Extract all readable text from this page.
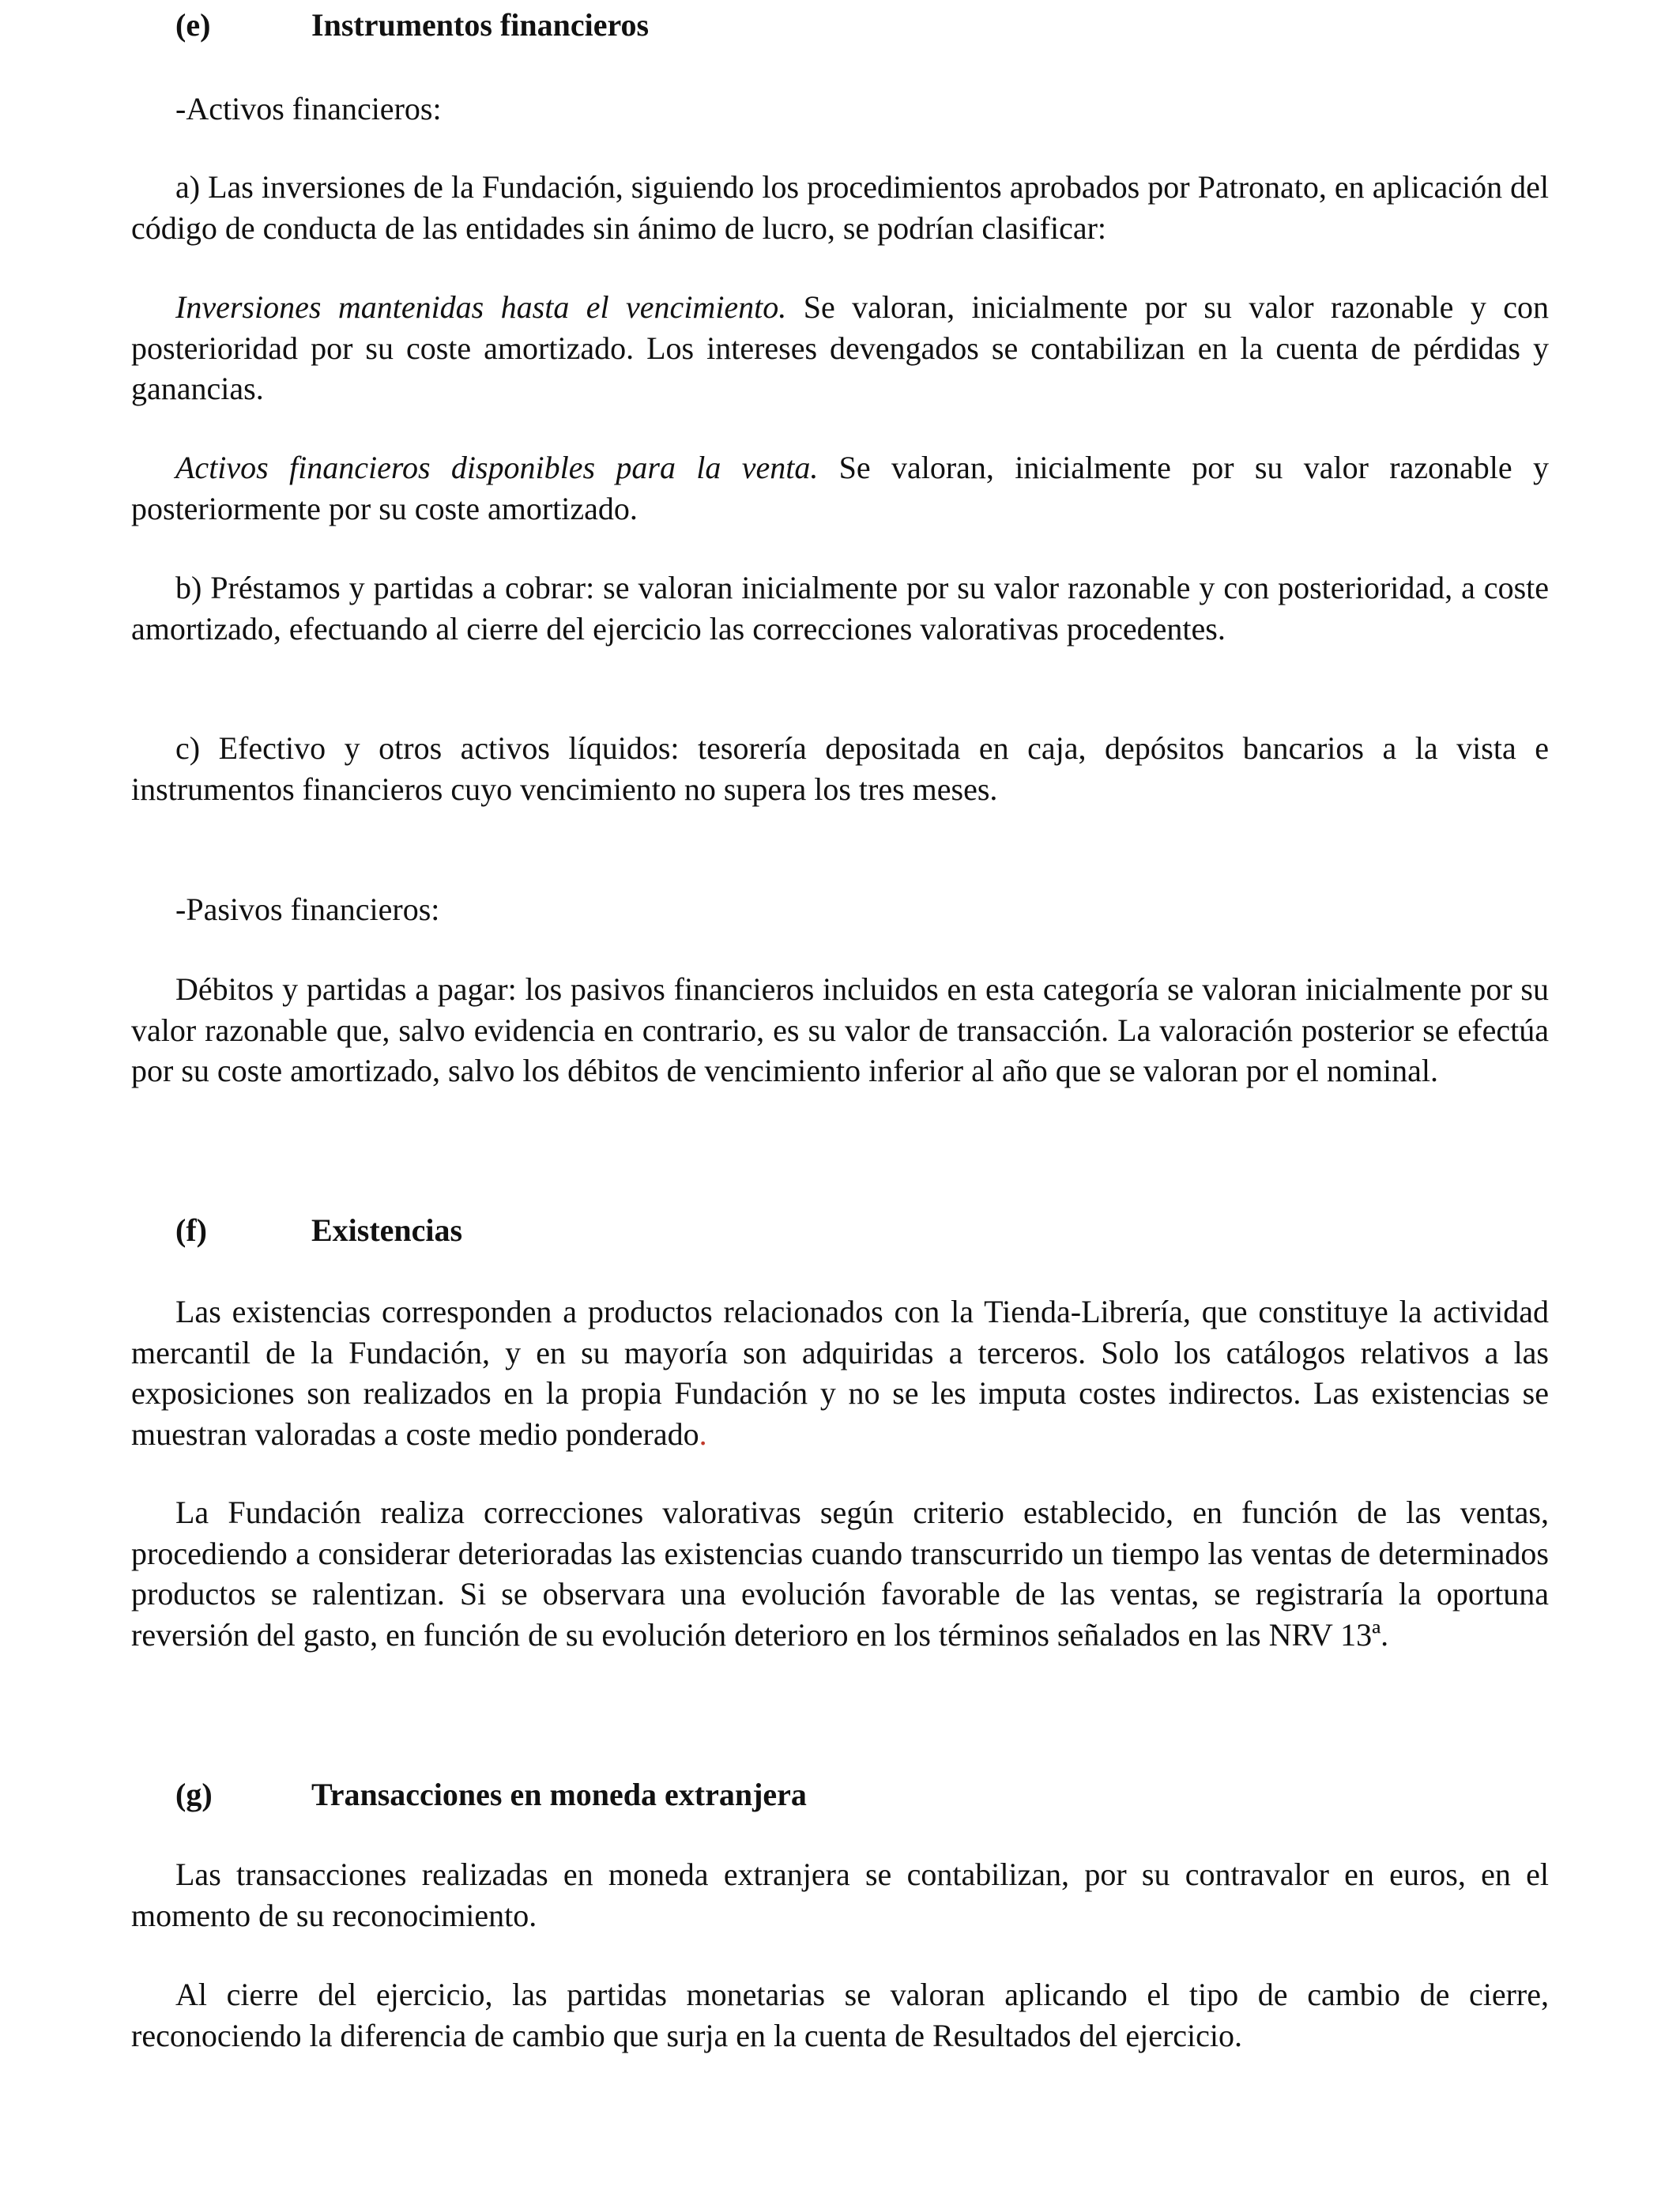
(e)	Instrumentos financieros

-Activos financieros:

a) Las inversiones de la Fundación, siguiendo los procedimientos aprobados por Patronato, en aplicación del código de conducta de las entidades sin ánimo de lucro, se podrían clasificar:

Inversiones mantenidas hasta el vencimiento. Se valoran, inicialmente por su valor razonable y con posterioridad por su coste amortizado. Los intereses devengados se contabilizan en la cuenta de pérdidas y ganancias.

Activos financieros disponibles para la venta. Se valoran, inicialmente por su valor razonable y posteriormente por su coste amortizado.

b) Préstamos y partidas a cobrar: se valoran inicialmente por su valor razonable y con posterioridad, a coste amortizado, efectuando al cierre del ejercicio las correcciones valorativas procedentes.

c) Efectivo y otros activos líquidos: tesorería depositada en caja, depósitos bancarios a la vista e instrumentos financieros cuyo vencimiento no supera los tres meses.

-Pasivos financieros:

Débitos y partidas a pagar: los pasivos financieros incluidos en esta categoría se valoran inicialmente por su valor razonable que, salvo evidencia en contrario, es su valor de transacción. La valoración posterior se efectúa por su coste amortizado, salvo los débitos de vencimiento inferior al año que se valoran por el nominal.

(f)	Existencias

Las existencias corresponden a productos relacionados con la Tienda-Librería, que constituye la actividad mercantil de la Fundación, y en su mayoría son adquiridas a terceros. Solo los catálogos relativos a las exposiciones son realizados en la propia Fundación y no se les imputa costes indirectos. Las existencias se muestran valoradas a coste medio ponderado.

La Fundación realiza correcciones valorativas según criterio establecido, en función de las ventas, procediendo a considerar deterioradas las existencias cuando transcurrido un tiempo las ventas de determinados productos se ralentizan. Si se observara una evolución favorable de las ventas, se registraría la oportuna reversión del gasto, en función de su evolución deterioro en los términos señalados en las NRV 13ª.

(g)	Transacciones en moneda extranjera

Las transacciones realizadas en moneda extranjera se contabilizan, por su contravalor en euros, en el momento de su reconocimiento.

Al cierre del ejercicio, las partidas monetarias se valoran aplicando el tipo de cambio de cierre, reconociendo la diferencia de cambio que surja en la cuenta de Resultados del ejercicio.
